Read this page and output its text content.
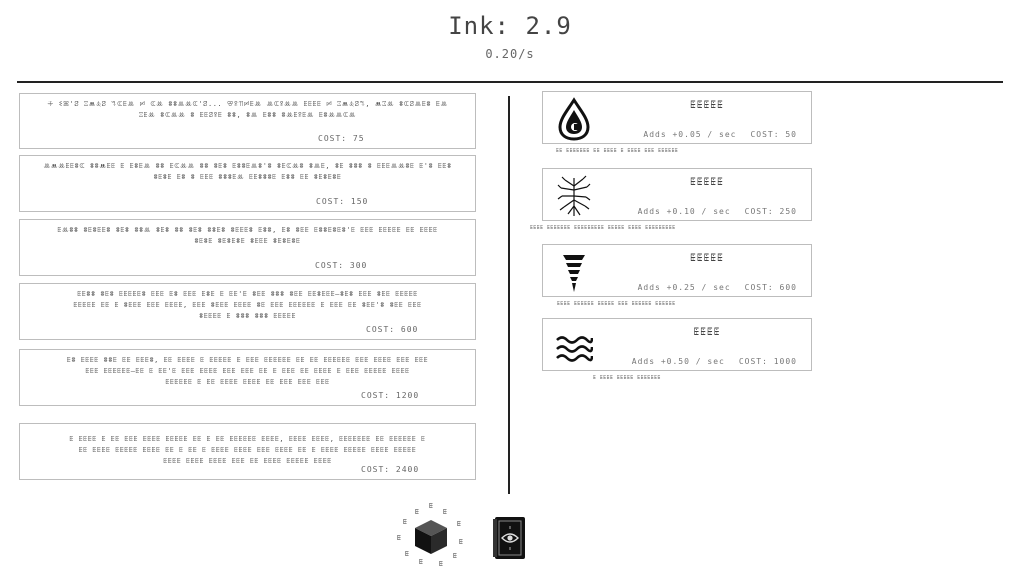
Ink: 2.9
0.20/s
ꔰ ꗨꕤ'ꗟ ꔙꔚꕋꗟ ꕐꕆꗍꔛ ꗰ ꕆꔛ ꗊꗊꔛꔛꕆ'ꗟ... ꕢꕉꔔꗰꗍꔛ ꔛꕆꕉꔛꔛ ꗍꗍꗍꗍ ꗰ ꔙꔚꕋꗟꕐ, ꔚꔙꔛ ꗊꕆꗟꔛꗍꗊ ꗍꔛ
ꔙꗍꔛ ꗊꕆꔛꔛ ꗊ ꗍꗍꗟꕉꗍ ꗊꗊ, ꗊꔛ ꗍꗊꗊ ꗊꔛꗍꕉꗍꔛ ꗍꗊꔛꔛꕆꔛ
COST: 75
ꔛꔚꔛꗍꗍꗊꕆ ꗊꗊꔚꗍꗍ ꗍ ꗍꗊꗍꔛ ꗊꗊ ꗍꕆꔛꔛ ꗊꗊ ꗊꗍꗊ ꗍꗊꗊꗍꔛꗊ'ꗊ ꗊꗍꕆꔛꗊ ꗊꔛꗍ, ꗊꗍ ꗊꗊꗊ ꗊ ꗍꗍꗍꔛꔛꗊꗍ ꗍ'ꗊ ꗍꗍꗊ
ꗊꗍꗊꗍ ꗍꗊ ꗊ ꗍꗍꗍ ꗊꗊꗊꗍꔛ ꗍꗍꗊꗊꗊꗍ ꗍꗊꗊ ꗍꗍ ꗊꗍꗊꗍꗊꗍ
COST: 150
ꗍꔛꗊꗊ ꗊꗍꗊꗍꗍꗊ ꗊꗍꗊ ꗊꗊꔛ ꗊꗍꗊ ꗊꗊ ꗊꗍꗊ ꗊꗊꗍꗊ ꗊꗍꗍꗍꗊ ꗍꗊꗊ, ꗍꗊ ꗊꗍꗍ ꗍꗊꗊꗍꗊꗍꗊ'ꗍ ꗍꗍꗍ ꗍꗍꗍꗍꗍ ꗍꗍ ꗍꗍꗍꗍ
ꗊꗍꗊꗍ ꗊꗍꗊꗍꗊꗍ ꗊꗍꗍꗍ ꗊꗍꗊꗍꗊꗍ
COST: 300
ꗍꗍꗊꗊ ꗊꗍꗊ ꗍꗍꗍꗍꗍꗊ ꗍꗍꗍ ꗍꗊ ꗍꗍꗍ ꗍꗊꗍ ꗍ ꗍꗍ'ꗍ ꗊꗍꗍ ꗊꗊꗊ ꗊꗍꗍ ꗍꗍꗊꗍꗍꗍ—ꗊꗍꗊ ꗍꗍꗍ ꗊꗍꗍ ꗍꗍꗍꗍꗍ
ꗍꗍꗍꗍꗍ ꗍꗍ ꗍ ꗊꗍꗍꗍ ꗍꗍꗍ ꗍꗍꗍꗍ, ꗍꗍꗍ ꗊꗍꗍꗍ ꗍꗍꗍꗍ ꗊꗍ ꗍꗍꗍ ꗍꗍꗍꗍꗍꗍ ꗍ ꗍꗍꗍ ꗍꗍ ꗊꗍꗍ'ꗊ ꗊꗍꗍ ꗍꗍꗍ
ꗊꗍꗍꗍꗍ ꗍ ꗊꗊꗊ ꗊꗊꗊ ꗍꗍꗍꗍꗍ
COST: 600
ꗍꗊ ꗍꗍꗍꗍ ꗊꗊꗍ ꗍꗍ ꗍꗍꗍꗊ, ꗍꗍ ꗍꗍꗍꗍ ꗍ ꗍꗍꗍꗍꗍ ꗍ ꗍꗍꗍ ꗍꗍꗍꗍꗍꗍ ꗍꗍ ꗍꗍ ꗍꗍꗍꗍꗍꗍ ꗍꗍꗍ ꗍꗍꗍꗍ ꗍꗍꗍ ꗍꗍꗍ
ꗍꗍꗍ ꗍꗍꗍꗍꗍꗍ—ꗍꗍ ꗍ ꗍꗍ'ꗍ ꗍꗍꗍ ꗍꗍꗍꗍ ꗍꗍꗍ ꗍꗍꗍ ꗍꗍ ꗍ ꗍꗍꗍ ꗍꗍ ꗍꗍꗍꗍ ꗍ ꗍꗍꗍ ꗍꗍꗍꗍꗍ ꗍꗍꗍꗍ
ꗍꗍꗍꗍꗍꗍ ꗍ ꗍꗍ ꗍꗍꗍꗍ ꗍꗍꗍꗍ ꗍꗍ ꗍꗍꗍ ꗍꗍꗍ ꗍꗍꗍ
COST: 1200
ꗍ ꗍꗍꗍꗍ ꗍ ꗍꗍ ꗍꗍꗍ ꗍꗍꗍꗍ ꗍꗍꗍꗍꗍ ꗍꗍ ꗍ ꗍꗍ ꗍꗍꗍꗍꗍꗍ ꗍꗍꗍꗍ, ꗍꗍꗍꗍ ꗍꗍꗍꗍ, ꗍꗍꗍꗍꗍꗍꗍ ꗍꗍ ꗍꗍꗍꗍꗍꗍ ꗍ
ꗍꗍ ꗍꗍꗍꗍ ꗍꗍꗍꗍꗍ ꗍꗍꗍꗍ ꗍꗍ ꗍ ꗍꗍ ꗍ ꗍꗍꗍꗍ ꗍꗍꗍꗍ ꗍꗍꗍ ꗍꗍꗍꗍ ꗍꗍ ꗍ ꗍꗍꗍꗍ ꗍꗍꗍꗍꗍ ꗍꗍꗍꗍ ꗍꗍꗍꗍꗍ
ꗍꗍꗍꗍ ꗍꗍꗍꗍ ꗍꗍꗍꗍ ꗍꗍꗍ ꗍꗍ ꗍꗍꗍꗍ ꗍꗍꗍꗍꗍ ꗍꗍꗍꗍ
COST: 2400
ꗍꗍꗍꗍꗍ
Adds +0.05 / sec COST: 50
ꗍꗍ ꗍꗍꗍꗍꗍꗍꗍ ꗍꗍ ꗍꗍꗍꗍ ꗍ ꗍꗍꗍꗍ ꗍꗍꗍ ꗍꗍꗍꗍꗍꗍ
ꗍꗍꗍꗍꗍ
Adds +0.10 / sec COST: 250
ꗍꗍꗍꗍ ꗍꗍꗍꗍꗍꗍꗍ ꗍꗍꗍꗍꗍꗍꗍꗍꗍ ꗍꗍꗍꗍꗍ ꗍꗍꗍꗍ ꗍꗍꗍꗍꗍꗍꗍꗍꗍ
ꗍꗍꗍꗍꗍ
Adds +0.25 / sec COST: 600
ꗍꗍꗍꗍ ꗍꗍꗍꗍꗍꗍ ꗍꗍꗍꗍꗍ ꗍꗍꗍ ꗍꗍꗍꗍꗍꗍ ꗍꗍꗍꗍꗍꗍ
ꗍꗍꗍꗍ
Adds +0.50 / sec COST: 1000
ꗍ ꗍꗍꗍꗍ ꗍꗍꗍꗍꗍ ꗍꗍꗍꗍꗍꗍꗍ
ꗍ
ꗍ	ꗍ
ꗍ	ꗍ
ꗍ	ꗍ
ꗍ	ꗍ
ꗍ ꗍ
